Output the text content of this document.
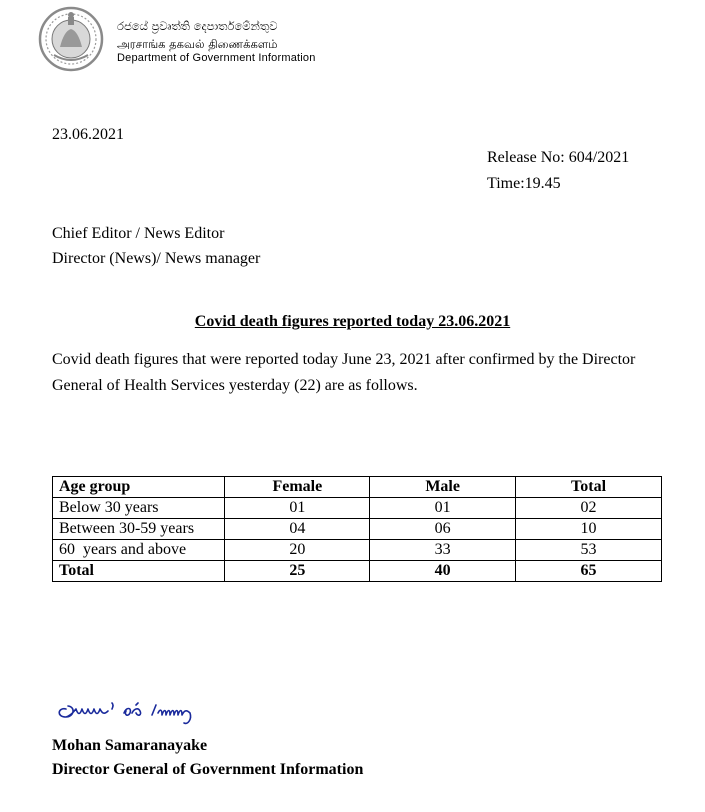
රජයේ ප්‍රවෘත්ති දෙපාර්තමේන්තුව
அரசாங்க தகவல் திணைக்களம்
Department of Government Information
23.06.2021
Release No: 604/2021
Time:19.45
Chief Editor / News Editor
Director (News)/ News manager
Covid death figures reported today 23.06.2021
Covid death figures that were reported today June 23, 2021 after confirmed by the Director General of Health Services yesterday (22) are as follows.
Age group	Female	Male	Total
Below 30 years	01	01	02
Between 30-59 years	04	06	10
60  years and above	20	33	53
Total	25	40	65
Mohan Samaranayake
Director General of Government Information
